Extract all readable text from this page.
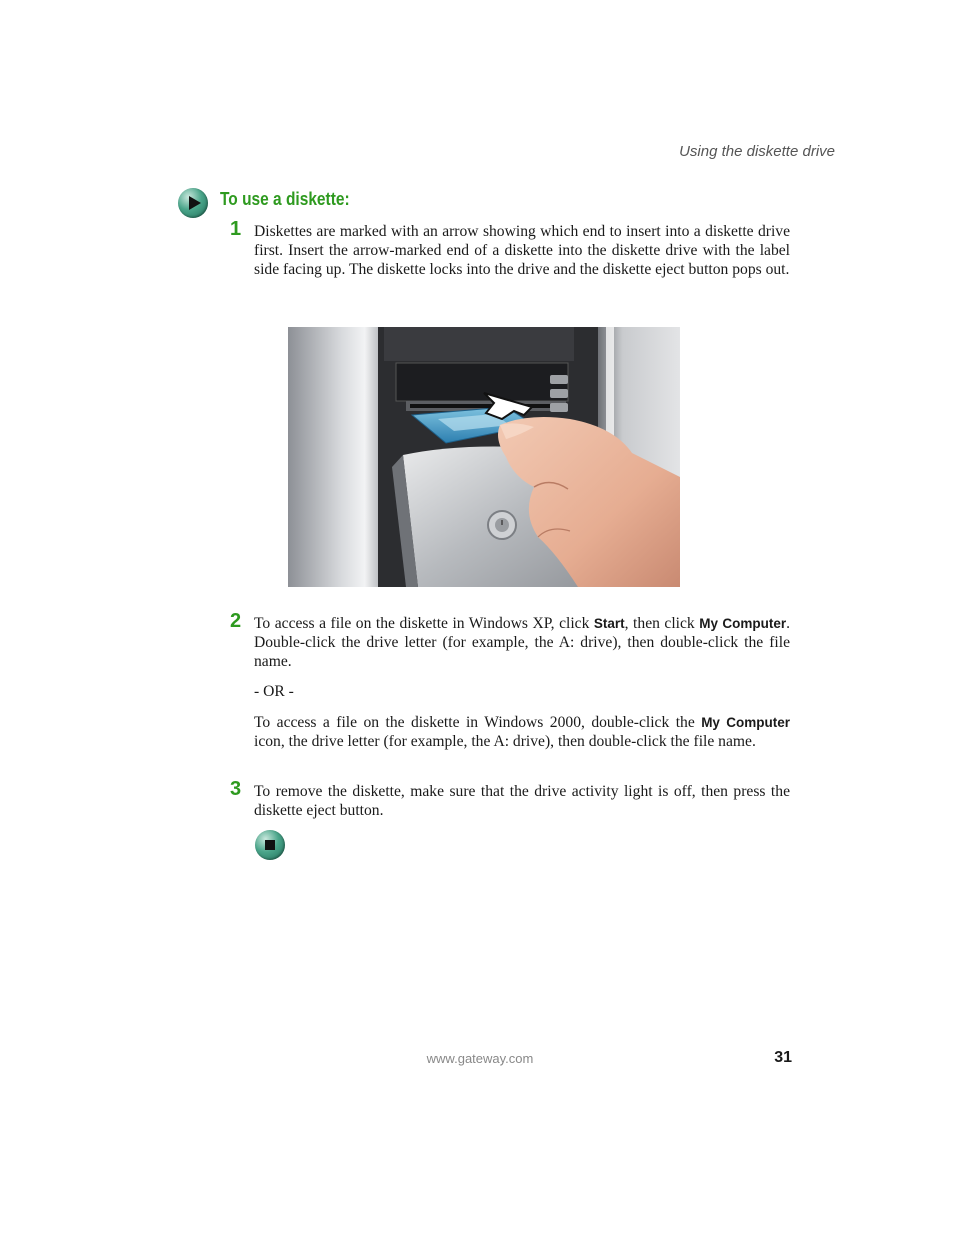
Using the diskette drive
To use a diskette:
1 Diskettes are marked with an arrow showing which end to insert into a diskette drive first. Insert the arrow-marked end of a diskette into the diskette drive with the label side facing up. The diskette locks into the drive and the diskette eject button pops out.
2 To access a file on the diskette in Windows XP, click Start, then click My Computer. Double-click the drive letter (for example, the A: drive), then double-click the file name.
- OR -
To access a file on the diskette in Windows 2000, double-click the My Computer icon, the drive letter (for example, the A: drive), then double-click the file name.
3 To remove the diskette, make sure that the drive activity light is off, then press the diskette eject button.
www.gateway.com	31
